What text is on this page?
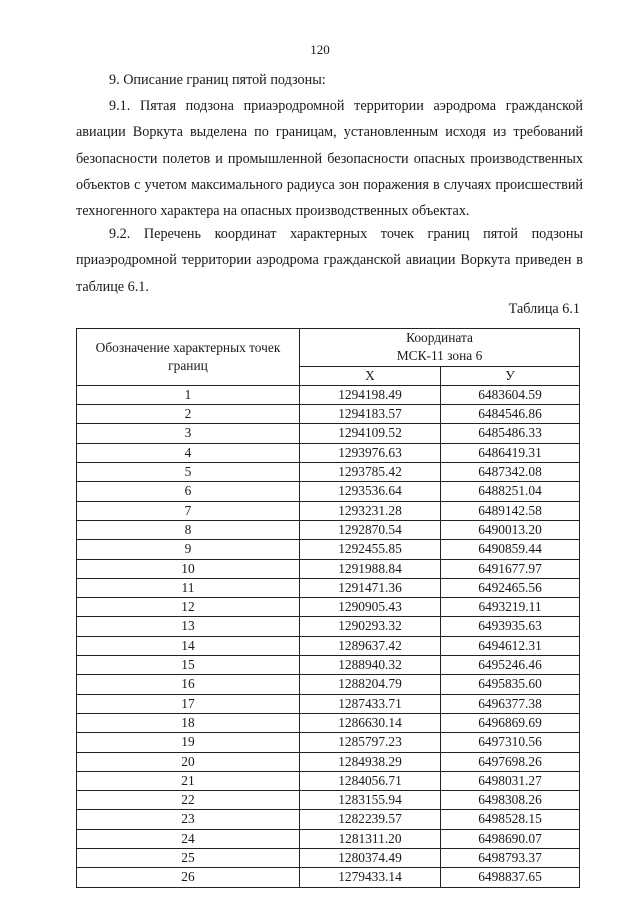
120
9. Описание границ пятой подзоны:
9.1. Пятая подзона приаэродромной территории аэродрома гражданской авиации Воркута выделена по границам, установленным исходя из требований безопасности полетов и промышленной безопасности опасных производственных объектов с учетом максимального радиуса зон поражения в случаях происшествий техногенного характера на опасных производственных объектах.
9.2. Перечень координат характерных точек границ пятой подзоны приаэродромной территории аэродрома гражданской авиации Воркута приведен в таблице 6.1.
Таблица 6.1
Обозначение характерных точек границ	Координата
МСК-11 зона 6	

	Х	У
1	1294198.49	6483604.59
2	1294183.57	6484546.86
3	1294109.52	6485486.33
4	1293976.63	6486419.31
5	1293785.42	6487342.08
6	1293536.64	6488251.04
7	1293231.28	6489142.58
8	1292870.54	6490013.20
9	1292455.85	6490859.44
10	1291988.84	6491677.97
11	1291471.36	6492465.56
12	1290905.43	6493219.11
13	1290293.32	6493935.63
14	1289637.42	6494612.31
15	1288940.32	6495246.46
16	1288204.79	6495835.60
17	1287433.71	6496377.38
18	1286630.14	6496869.69
19	1285797.23	6497310.56
20	1284938.29	6497698.26
21	1284056.71	6498031.27
22	1283155.94	6498308.26
23	1282239.57	6498528.15
24	1281311.20	6498690.07
25	1280374.49	6498793.37
26	1279433.14	6498837.65
